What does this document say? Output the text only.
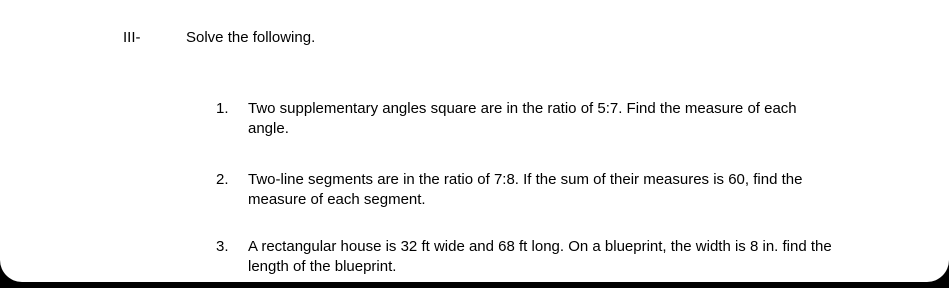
III-	Solve the following.
1.	Two supplementary angles square are in the ratio of 5:7. Find the measure of each angle.
2.	Two-line segments are in the ratio of 7:8. If the sum of their measures is 60, find the measure of each segment.
3.	A rectangular house is 32 ft wide and 68 ft long. On a blueprint, the width is 8 in. find the length of the blueprint.
